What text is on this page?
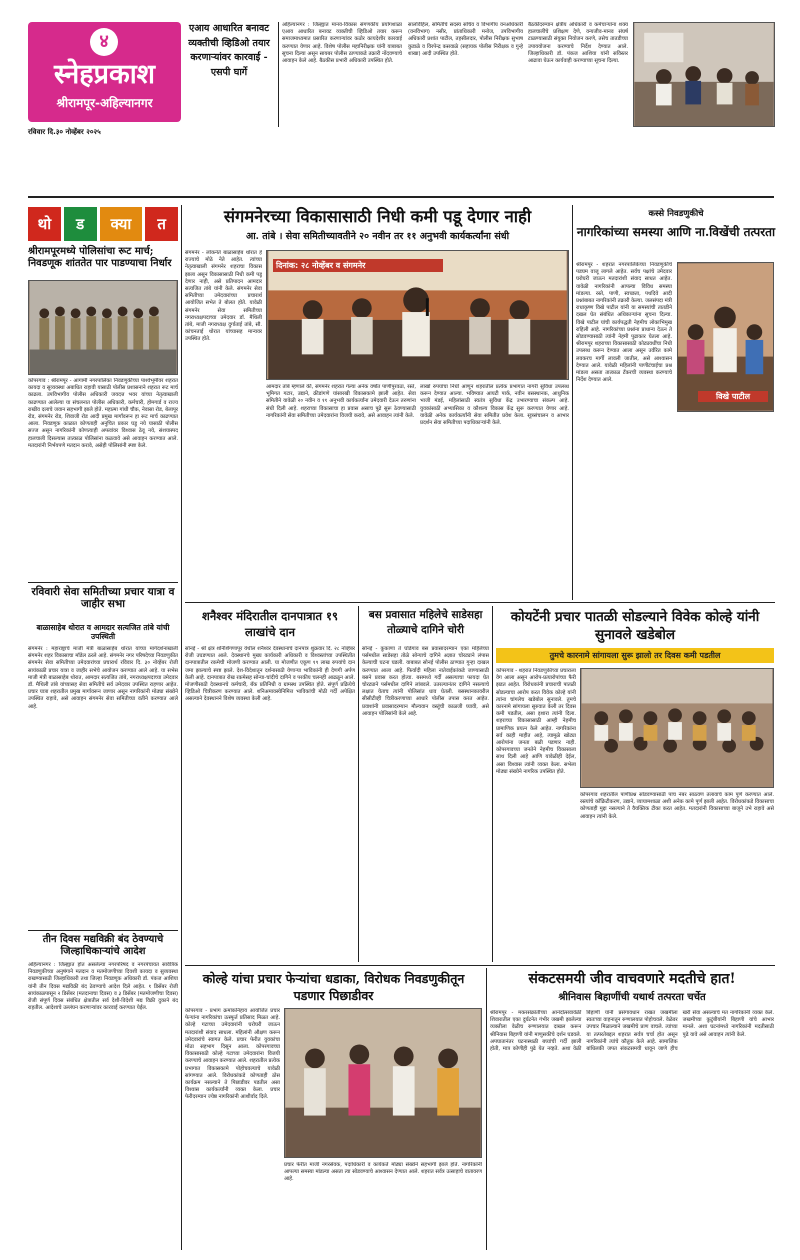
४
स्नेहप्रकाश
श्रीरामपूर-अहिल्यानगर
रविवार दि.३० नोव्हेंबर २०२५
एआय आधारित बनावट व्यक्तीची व्हिडिओ तयार करणाऱ्यांवर कारवाई - एसपी घार्गे
अहिल्यानगर : जिल्ह्यात मानव-विकास संगणकीय प्रयोगशाळा एआय आधारित बनावट व्यक्तीची व्हिडिओ तयार करून समाजमाध्यमात प्रसारित करणाऱ्यांवर कठोर कायदेशीर कारवाई करण्यात येणार आहे. विशेष पोलीस महानिरीक्षक यांनी याबाबत सूचना दिल्या असून सायबर पोलीस ठाण्याकडे तक्रारी नोंदवण्याचे आवाहन केले आहे. बैठकीस प्रभारी अधिकारी उपस्थित होते.
सालविहिल, समितीचे सदस्य सचिव व विभागीय वनअधिकारी (वनविभाग) नसीर, प्रांताधिकारी मनोज, उपविभागीय अधिकारी प्रशांत पाटील, तहसीलदार, पोलीस निरीक्षक सुभाष कुडाळे व विरपेन्द्र कसवाळे (सहायक पोलीस निरीक्षक व गुन्हे शाखा) आदी उपस्थित होते.
बैठकीदरम्यान क्षेत्रीय अधिकारी व कर्मचाऱ्यांना शक्य हालचालींचे प्रशिक्षण देणे, वन्यजीव-मानव संघर्ष टाळण्यासाठी संयुक्त नियोजन करणे, तसेच तातडीच्या उपाययोजना करण्याचे निर्देश देण्यात आले. जिल्हाधिकारी डॉ. पंकज आशिया यांनी सविस्तर आढावा घेऊन कार्यवाही करण्याच्या सूचना दिल्या.
थो	ड	क्या	त
श्रीरामपूरमध्ये पोलिसांचा रूट मार्च; निवडणूक शांततेत पार पाडण्याचा निर्धार
कोपरगाव : श्रीरामपूर - आगामी नगरपालिका निवडणुकीच्या पार्श्वभूमीवर शहरात कायदा व सुव्यवस्था अबाधित राहावी यासाठी पोलीस प्रशासनाने शहरात रूट मार्च काढला. उपविभागीय पोलीस अधिकारी जयदत्त भवर यांच्या नेतृत्वाखाली काढण्यात आलेल्या या संचलनात पोलीस अधिकारी, कर्मचारी, होमगार्ड व राज्य राखीव दलाचे जवान सहभागी झाले होते. महात्मा गांधी चौक, नेवासा रोड, बेलापूर रोड, संगमनेर रोड, शिवाजी रोड आदी प्रमुख मार्गांवरून हा रूट मार्च काढण्यात आला. निवडणूक काळात कोणताही अनुचित प्रकार घडू नये यासाठी पोलीस सज्ज असून नागरिकांनी कोणत्याही अफवांवर विश्वास ठेवू नये, संशयास्पद हालचाली दिसल्यास तात्काळ पोलिसांना कळवावे असे आवाहन करण्यात आले. मतदारांनी निर्भयपणे मतदान करावे, असेही पोलिसांनी स्पष्ट केले.
रविवारी सेवा समितीच्या प्रचार यात्रा व जाहीर सभा
बाळासाहेब थोरात व आमदार सत्यजित तांबे यांची उपस्थिती
संगमनेर : महाराष्ट्राचे माजी मंत्री बाळासाहेब थोरात यांच्या मार्गदर्शनाखाली संगमनेर शहर विकासाचा मॉडेल ठरले आहे. संगमनेर नगर परिषदेच्या निवडणुकीत संगमनेर सेवा समितीच्या उमेदवारांच्या प्रचारार्थ रविवार दि. ३० नोव्हेंबर रोजी सायंकाळी प्रचार यात्रा व जाहीर सभेचे आयोजन करण्यात आले आहे. या सभेस माजी मंत्री बाळासाहेब थोरात, आमदार सत्यजित तांबे, नगराध्यक्षपदाच्या उमेदवार डॉ. मैथिली तांबे यांच्यासह सेवा समितीचे सर्व उमेदवार उपस्थित राहणार आहेत. प्रचार यात्रा शहरातील प्रमुख मार्गावरून जाणार असून नागरिकांनी मोठ्या संख्येने उपस्थित राहावे, असे आवाहन संगमनेर सेवा समितीच्या वतीने करण्यात आले आहे.
तीन दिवस मद्यविक्री बंद ठेवण्याचे जिल्हाधिकाऱ्यांचे आदेश
अहिल्यानगर : जिल्ह्यात होत असलेल्या नगरपरिषद व नगरपंचायत सार्वत्रिक निवडणुकीच्या अनुषंगाने मतदान व मतमोजणीच्या दिवशी कायदा व सुव्यवस्था राखण्यासाठी जिल्हाधिकारी तथा जिल्हा निवडणूक अधिकारी डॉ. पंकज आशिया यांनी तीन दिवस मद्यविक्री बंद ठेवण्याचे आदेश दिले आहेत. १ डिसेंबर रोजी सायंकाळपासून २ डिसेंबर (मतदानाचा दिवस) व ३ डिसेंबर (मतमोजणीचा दिवस) रोजी संपूर्ण दिवस संबंधित क्षेत्रातील सर्व देशी-विदेशी मद्य विक्री दुकाने बंद राहतील. आदेशाचे उल्लंघन करणाऱ्यांवर कारवाई करण्यात येईल.
संगमनेरच्या विकासासाठी निधी कमी पडू देणार नाही
आ. तांबे । सेवा समितीच्यावतीने २० नवीन तर ११ अनुभवी कार्यकर्त्यांना संधी
संगमनेर - लोकनेते बाळासाहेब थोरात हे राज्याचे मोठे नेते आहेत. त्यांच्या नेतृत्वाखाली संगमनेर शहराचा विकास झाला असून विकासासाठी निधी कमी पडू देणार नाही, असे प्रतिपादन आमदार सत्यजित तांबे यांनी केले. संगमनेर सेवा समितीच्या उमेदवारांच्या प्रचारार्थ आयोजित सभेत ते बोलत होते. यावेळी संगमनेर सेवा समितीच्या नगराध्यक्षपदाच्या उमेदवार डॉ. मैथिली तांबे, माजी नगराध्यक्ष दुर्गाताई तांबे, सौ. कांचनताई थोरात यांच्यासह मान्यवर उपस्थित होते.
दिनांक: २८ नोव्हेंबर व संगमनेर
आमदार तांबे म्हणाले की, संगमनेर शहरात गेल्या अनेक वर्षांत पाणीपुरवठा, रस्ते, भूमिगत गटार, उद्याने, क्रीडांगणे यांसारखी विकासकामे झाली आहेत. सेवा समितीने यावेळी २० नवीन व ११ अनुभवी कार्यकर्त्यांना उमेदवारी देऊन तरुणांना संधी दिली आहे. शहराच्या विकासाचा हा प्रवास असाच पुढे सुरू ठेवण्यासाठी नागरिकांनी सेवा समितीच्या उमेदवारांना विजयी करावे, असे आवाहन त्यांनी केले.
लाखो रुपयांचा निधी आणून शहरातील प्रत्येक प्रभागात नागरी सुविधा उपलब्ध करून देण्यात आल्या. भविष्यात आयटी पार्क, नवीन बसस्थानक, आधुनिक भाजी मंडई, महिलांसाठी स्वतंत्र सुविधा केंद्र उभारण्याचा संकल्प आहे. युवकांसाठी अभ्यासिका व कौशल्य विकास केंद्र सुरू करण्यात येणार आहे. यावेळी अनेक कार्यकर्त्यांनी सेवा समितीत प्रवेश केला. सूत्रसंचालन व आभार प्रदर्शन सेवा समितीच्या पदाधिकाऱ्यांनी केले.
कस्से निवडणुकीचे
नागरिकांच्या समस्या आणि ना.विखेंची तत्परता
श्रीरामपूर - शहरात नगरपालिकेच्या निवडणुकीचे पडघम वाजू लागले आहेत. सर्वच पक्षांचे उमेदवार घरोघरी जाऊन मतदारांशी संवाद साधत आहेत. यावेळी नागरिकांनी आपल्या विविध समस्या मांडल्या. रस्ते, पाणी, स्वच्छता, पथदिवे आदी प्रश्नांबाबत नागरिकांनी तक्रारी केल्या. जलसंपदा मंत्री राधाकृष्ण विखे पाटील यांनी या समस्यांची तातडीने दखल घेत संबंधित अधिकाऱ्यांना सूचना दिल्या. विखे पाटील यांची कार्यपद्धती नेहमीच लोकाभिमुख राहिली आहे. नागरिकांच्या प्रश्नांना प्राधान्य देऊन ते सोडवण्यासाठी त्यांनी नेहमी पुढाकार घेतला आहे. श्रीरामपूर शहराच्या विकासासाठी कोट्यवधींचा निधी उपलब्ध करून देण्यात आला असून उर्वरित कामे लवकरच मार्गी लावली जातील, असे आश्वासन देण्यात आले. यावेळी महिलांनी पाणीटंचाईचा प्रश्न मांडला असता तात्काळ टँकरची व्यवस्था करण्याचे निर्देश देण्यात आले.
विखे पाटील
शनैश्वर मंदिरातील दानपात्रात १९ लाखांचे दान
सोनई - श्री क्षेत्र शनिशिंगणापूर येथील शनैश्वर देवस्थानाचे दानपात्र शुक्रवार दि. २८ नोव्हेंबर रोजी उघडण्यात आले. देवस्थानचे मुख्य कार्यकारी अधिकारी व विश्वस्तांच्या उपस्थितीत दानपात्रातील रकमेची मोजणी करण्यात आली. या मोजणीत एकूण १९ लाख रुपयांचे दान जमा झाल्याचे स्पष्ट झाले. देश-विदेशातून दर्शनासाठी येणाऱ्या भाविकांनी ही देणगी अर्पण केली आहे. दानपात्रात रोख रकमेसह सोन्या-चांदीचे दागिने व परकीय चलनही आढळून आले. मोजणीसाठी देवस्थानचे कर्मचारी, बँक प्रतिनिधी व ग्रामस्थ उपस्थित होते. संपूर्ण प्रक्रियेचे व्हिडिओ चित्रीकरण करण्यात आले. शनिअमावस्येनिमित्त भाविकांची मोठी गर्दी अपेक्षित असल्याने देवस्थानने विशेष व्यवस्था केली आहे.
बस प्रवासात महिलेचे साडेसहा तोळ्याचे दागिने चोरी
सोनई - कुकाणा ते घोडेगाव बस प्रवासादरम्यान एका महिलेच्या पर्समधील साडेसहा तोळे सोन्याचे दागिने अज्ञात चोरट्याने लंपास केल्याची घटना घडली. याबाबत सोनई पोलीस ठाण्यात गुन्हा दाखल करण्यात आला आहे. फिर्यादी महिला नातेवाईकांकडे जाण्यासाठी बसने प्रवास करत होत्या. बसमध्ये गर्दी असल्याचा फायदा घेत चोरट्याने पर्समधील दागिने लांबवले. उतरल्यानंतर दागिने नसल्याचे लक्षात येताच त्यांनी पोलिसांत धाव घेतली. बसस्थानकावरील सीसीटीव्ही चित्रीकरणाच्या आधारे पोलीस तपास करत आहेत. प्रवाशांनी प्रवासादरम्यान मौल्यवान वस्तूंची काळजी घ्यावी, असे आवाहन पोलिसांनी केले आहे.
कोयटेंनी प्रचार पातळी सोडल्याने विवेक कोल्हे यांनी सुनावले खडेबोल
तुमचे कारनामे सांगायला सुरू झालो तर दिवस कमी पडतील
कोपरगाव - शहरात निवडणुकीच्या प्रचाराला वेग आला असून आरोप-प्रत्यारोपांच्या फैरी झडत आहेत. विरोधकांनी प्रचाराची पातळी सोडल्याचा आरोप करत विवेक कोल्हे यांनी त्यांना चांगलेच खडेबोल सुनावले. तुमचे कारनामे सांगायला सुरुवात केली तर दिवस कमी पडतील, असा इशारा त्यांनी दिला. शहराच्या विकासासाठी आम्ही नेहमीच प्रामाणिक प्रयत्न केले आहेत. नागरिकांना सर्व काही माहीत आहे, त्यामुळे खोट्या आरोपांना जनता बळी पडणार नाही. कोपरगावच्या जनतेने नेहमीच विकासाला साथ दिली आहे आणि यावेळीही देईल, असा विश्वास त्यांनी व्यक्त केला. सभेला मोठ्या संख्येने नागरिक उपस्थित होते.
कोपरगाव शहरातील पाणीप्रश्न सोडवण्यासाठी पाच नंबर साठवण तलावाचे काम पूर्ण करण्यात आले. रस्त्यांचे काँक्रिटीकरण, उद्याने, व्यायामशाळा अशी अनेक कामे पूर्ण झाली आहेत. विरोधकांकडे विकासाचा कोणताही मुद्दा नसल्याने ते वैयक्तिक टीका करत आहेत. मतदारांनी विकासाच्या बाजूने उभे राहावे असे आवाहन त्यांनी केले.
कोल्हे यांचा प्रचार फेऱ्यांचा धडाका, विरोधक निवडणुकीतून पडणार पिछाडीवर
कोपरगाव - प्रभाग क्रमांकनिहाय आयोजित प्रचार फेऱ्यांना नागरिकांचा उत्स्फूर्त प्रतिसाद मिळत आहे. कोल्हे गटाच्या उमेदवारांनी घरोघरी जाऊन मतदारांशी संवाद साधला. महिलांनी औक्षण करून उमेदवारांचे स्वागत केले. प्रचार फेरीत युवकांचा मोठा सहभाग दिसून आला. कोपरगावच्या विकासासाठी कोल्हे गटाच्या उमेदवारांना विजयी करण्याचे आवाहन करण्यात आले. शहरातील प्रत्येक प्रभागात विकासकामे पोहोचवल्याचे यावेळी सांगण्यात आले. विरोधकांकडे कोणताही ठोस कार्यक्रम नसल्याने ते पिछाडीवर पडतील असा विश्वास कार्यकर्त्यांनी व्यक्त केला. प्रचार फेरीदरम्यान ज्येष्ठ नागरिकांनी आशीर्वाद दिले.
प्रचार फेरीत माजी नगरसेवक, पदाधिकारी व कार्यकर्ते मोठ्या संख्येने सहभागी झाले होते. नागरिकांनी आपल्या समस्या मांडल्या असता त्या सोडवण्याचे आश्वासन देण्यात आले. शहरात सर्वत्र उत्साहाचे वातावरण आहे.
संकटसमयी जीव वाचवणारे मदतीचे हात!
श्रीनिवास बिहाणींची यथार्थ तत्परता चर्चेत
श्रीरामपूर - मकरसंक्रांतीच्या आनंदोत्सवावेळी शिवारातील एका दुर्घटनेत गंभीर जखमी झालेल्या व्यक्तीला वेळीच रुग्णालयात दाखल करून श्रीनिवास बिहाणी यांनी माणुसकीचे दर्शन घडवले. अपघातानंतर घटनास्थळी बघ्यांची गर्दी झाली होती, मात्र कोणीही पुढे येत नव्हते. अशा वेळी बिहाणी यांनी प्रसंगावधान राखत जखमीला स्वतःच्या वाहनातून रुग्णालयात पोहोचवले. वेळेवर उपचार मिळाल्याने जखमीचे प्राण वाचले. त्यांच्या या तत्परतेबद्दल शहरात सर्वत्र चर्चा होत असून नागरिकांनी त्यांचे कौतुक केले आहे. सामाजिक बांधिलकी जपत संकटसमयी धावून जाणे हीच खरी सेवा असल्याचे मत नागरिकांनी व्यक्त केले. जखमीच्या कुटुंबीयांनी बिहाणी यांचे आभार मानले. अशा घटनांमध्ये नागरिकांनी मदतीसाठी पुढे यावे असे आवाहन त्यांनी केले.
